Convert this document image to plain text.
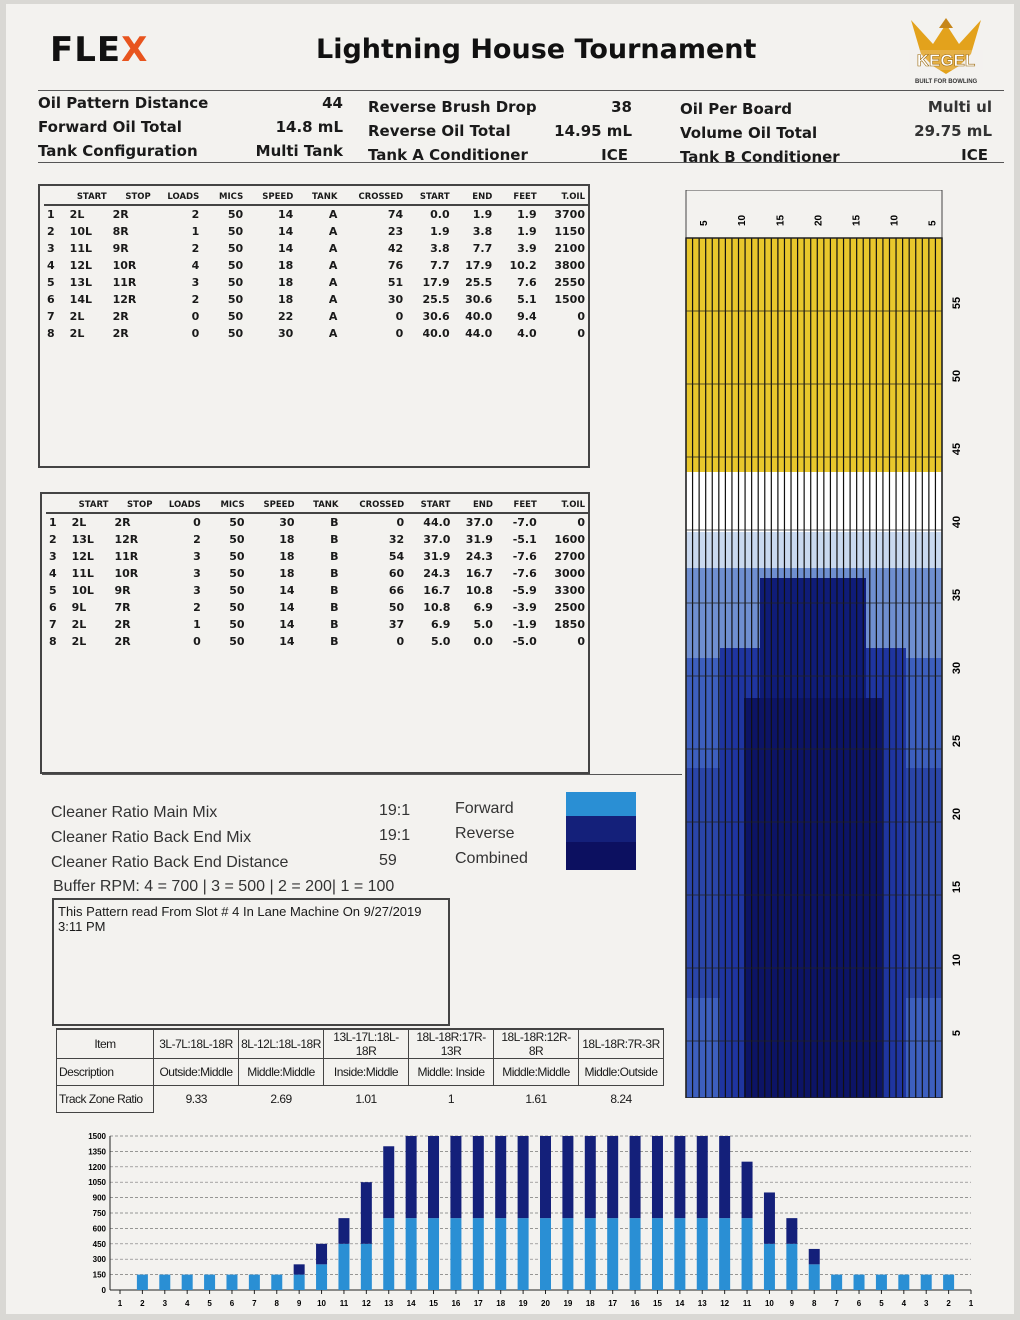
FLEX	Lightning House Tournament	KEGEL
BUILT FOR BOWLING
Oil Pattern Distance	44
Forward Oil Total	14.8 mL
Tank Configuration	Multi Tank
Reverse Brush Drop	38
Reverse Oil Total	14.95 mL
Tank A Conditioner	ICE
Oil Per Board	Multi ul
Volume Oil Total	29.75 mL
Tank B Conditioner	ICE
	START	STOP	LOADS	MICS	SPEED	TANK	CROSSED	START	END	FEET	T.OIL
1	2L	2R	2	50	14	A	74	0.0	1.9	1.9	3700
2	10L	8R	1	50	14	A	23	1.9	3.8	1.9	1150
3	11L	9R	2	50	14	A	42	3.8	7.7	3.9	2100
4	12L	10R	4	50	18	A	76	7.7	17.9	10.2	3800
5	13L	11R	3	50	18	A	51	17.9	25.5	7.6	2550
6	14L	12R	2	50	18	A	30	25.5	30.6	5.1	1500
7	2L	2R	0	50	22	A	0	30.6	40.0	9.4	0
8	2L	2R	0	50	30	A	0	40.0	44.0	4.0	0
	START	STOP	LOADS	MICS	SPEED	TANK	CROSSED	START	END	FEET	T.OIL
1	2L	2R	0	50	30	B	0	44.0	37.0	-7.0	0
2	13L	12R	2	50	18	B	32	37.0	31.9	-5.1	1600
3	12L	11R	3	50	18	B	54	31.9	24.3	-7.6	2700
4	11L	10R	3	50	18	B	60	24.3	16.7	-7.6	3000
5	10L	9R	3	50	14	B	66	16.7	10.8	-5.9	3300
6	9L	7R	2	50	14	B	50	10.8	6.9	-3.9	2500
7	2L	2R	1	50	14	B	37	6.9	5.0	-1.9	1850
8	2L	2R	0	50	14	B	0	5.0	0.0	-5.0	0
Cleaner Ratio Main Mix	19:1	Forward
Cleaner Ratio Back End Mix	19:1	Reverse
Cleaner Ratio Back End Distance	59	Combined
Buffer RPM: 4 = 700 | 3 = 500 | 2 = 200| 1 = 100
This Pattern read From Slot # 4 In Lane Machine On 9/27/2019 3:11 PM
Item	3L-7L:18L-18R	8L-12L:18L-18R	13L-17L:18L-18R	18L-18R:17R-13R	18L-18R:12R-8R	18L-18R:7R-3R
Description	Outside:Middle	Middle:Middle	Inside:Middle	Middle: Inside	Middle:Middle	Middle:Outside
Track Zone Ratio	9.33	2.69	1.01	1	1.61	8.24
55
50
45
40
35
30
25
20
15
10
5
5	10	15	20	15	10	5
1500
1350
1200
1050
900
750
600
450
300
150
0
1 2 3 4 5 6 7 8 9 10 11 12 13 14 15 16 17 18 19 20 19 18 17 16 15 14 13 12 11 10 9 8 7 6 5 4 3 2 1
